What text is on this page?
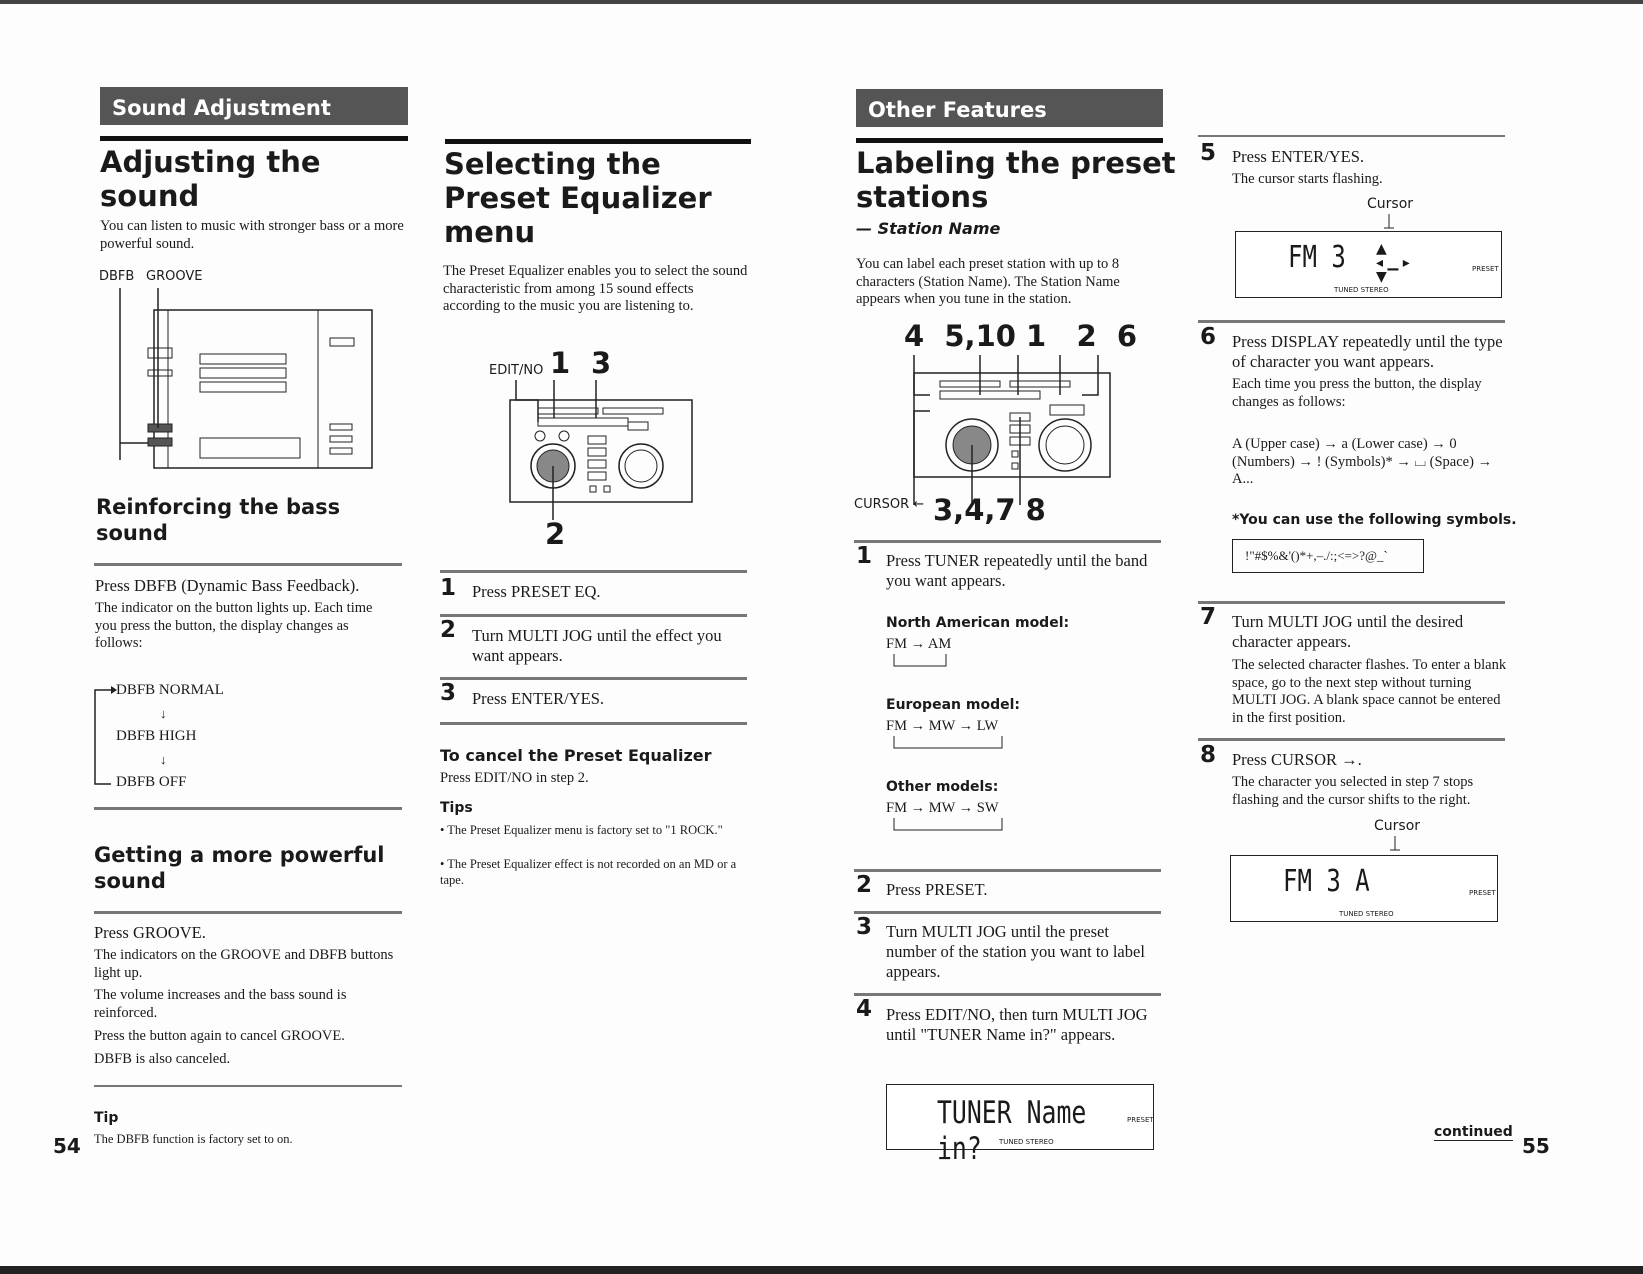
Sound Adjustment
Adjusting the
sound
You can listen to music with stronger bass or a more powerful sound.
DBFB GROOVE
Reinforcing the bass
sound
Press DBFB (Dynamic Bass Feedback).
The indicator on the button lights up. Each time you press the button, the display changes as follows:
DBFB NORMAL
↓
DBFB HIGH
↓
DBFB OFF
Getting a more powerful
sound
Press GROOVE.
The indicators on the GROOVE and DBFB buttons light up.
The volume increases and the bass sound is reinforced.
Press the button again to cancel GROOVE.
DBFB is also canceled.
Tip
The DBFB function is factory set to on.
54
Selecting the
Preset Equalizer
menu
The Preset Equalizer enables you to select the sound characteristic from among 15 sound effects according to the music you are listening to.
EDIT/NO 1 3
2
1 Press PRESET EQ.
2 Turn MULTI JOG until the effect you want appears.
3 Press ENTER/YES.
To cancel the Preset Equalizer
Press EDIT/NO in step 2.
Tips
• The Preset Equalizer menu is factory set to "1 ROCK."
• The Preset Equalizer effect is not recorded on an MD or a tape.
Other Features
Labeling the preset
stations
— Station Name
You can label each preset station with up to 8 characters (Station Name). The Station Name appears when you tune in the station.
4  5,10 1   2  6
CURSOR ← 3,4,7 8
1 Press TUNER repeatedly until the band you want appears.
North American model:
FM → AM
European model:
FM → MW → LW
Other models:
FM → MW → SW
2 Press PRESET.
3 Turn MULTI JOG until the preset number of the station you want to label appears.
4 Press EDIT/NO, then turn MULTI JOG until "TUNER Name in?" appears.
TUNER Name in?	TUNED STEREO
PRESET
5 Press ENTER/YES.
The cursor starts flashing.
Cursor
FM 3 ▲
◂ ▁ ▸
▼
TUNED STEREO
PRESET
6 Press DISPLAY repeatedly until the type of character you want appears.
Each time you press the button, the display changes as follows:
A (Upper case) → a (Lower case) → 0 (Numbers) → ! (Symbols)* → ⌴ (Space) → A...
*You can use the following symbols.
!"#$%&'()*+,–./:;<=>?@_`
7 Turn MULTI JOG until the desired character appears.
The selected character flashes. To enter a blank space, go to the next step without turning MULTI JOG. A blank space cannot be entered in the first position.
8 Press CURSOR →.
The character you selected in step 7 stops flashing and the cursor shifts to the right.
Cursor
FM 3 A
TUNED STEREO
PRESET
continued
55
